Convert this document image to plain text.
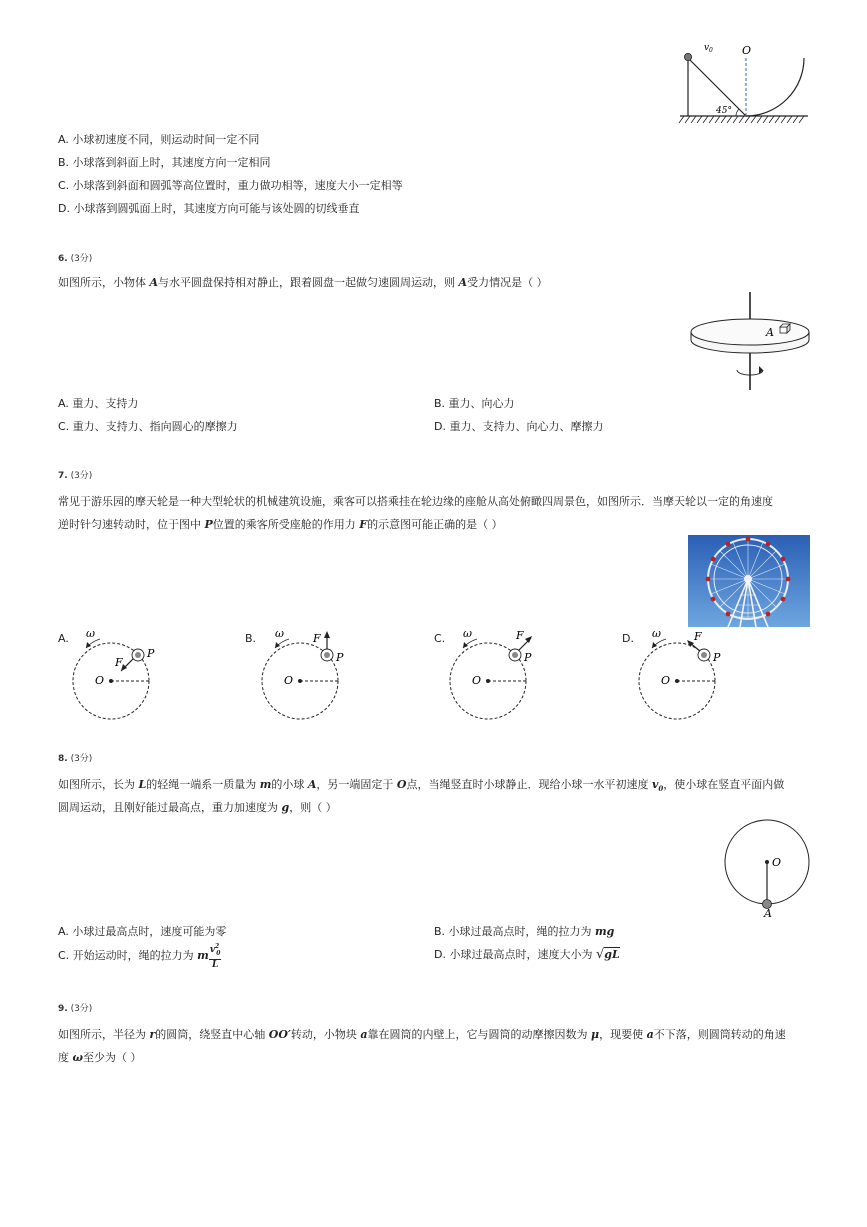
v 0	O
45°
A. 小球初速度不同，则运动时间一定不同
B. 小球落到斜面上时，其速度方向一定相同
C. 小球落到斜面和圆弧等高位置时，重力做功相等，速度大小一定相等
D. 小球落到圆弧面上时，其速度方向可能与该处圆的切线垂直
6. (3分)
如图所示，小物体 A与水平圆盘保持相对静止，跟着圆盘一起做匀速圆周运动，则 A受力情况是（ ）
A
A. 重力、支持力	B. 重力、向心力
C. 重力、支持力、指向圆心的摩擦力	D. 重力、支持力、向心力、摩擦力
7. (3分)
常见于游乐园的摩天轮是一种大型轮状的机械建筑设施，乘客可以搭乘挂在轮边缘的座舱从高处俯瞰四周景色，如图所示．当摩天轮以一定的角速度
逆时针匀速转动时，位于图中 P位置的乘客所受座舱的作用力 F的示意图可能正确的是（ ）
A.	B.	C.	D.
ω
F
P
O
ω	F
P
O
ω	F
P
O
ω	F
P
O
8. (3分)
如图所示，长为 L的轻绳一端系一质量为 m的小球 A，另一端固定于 O点，当绳竖直时小球静止．现给小球一水平初速度 $v_0$，使小球在竖直平面内做
圆周运动，且刚好能过最高点，重力加速度为 g，则（ ）
O
A
A. 小球过最高点时，速度可能为零	B. 小球过最高点时，绳的拉力为 mg
C. 开始运动时，绳的拉力为 m $\frac{v^2_0}{L}$	D. 小球过最高点时，速度大小为 √gL
9. (3分)
如图所示，半径为 r的圆筒，绕竖直中心轴 OO′转动，小物块 a靠在圆筒的内壁上，它与圆筒的动摩擦因数为 μ，现要使 a不下落，则圆筒转动的角速
度 ω至少为（ ）
